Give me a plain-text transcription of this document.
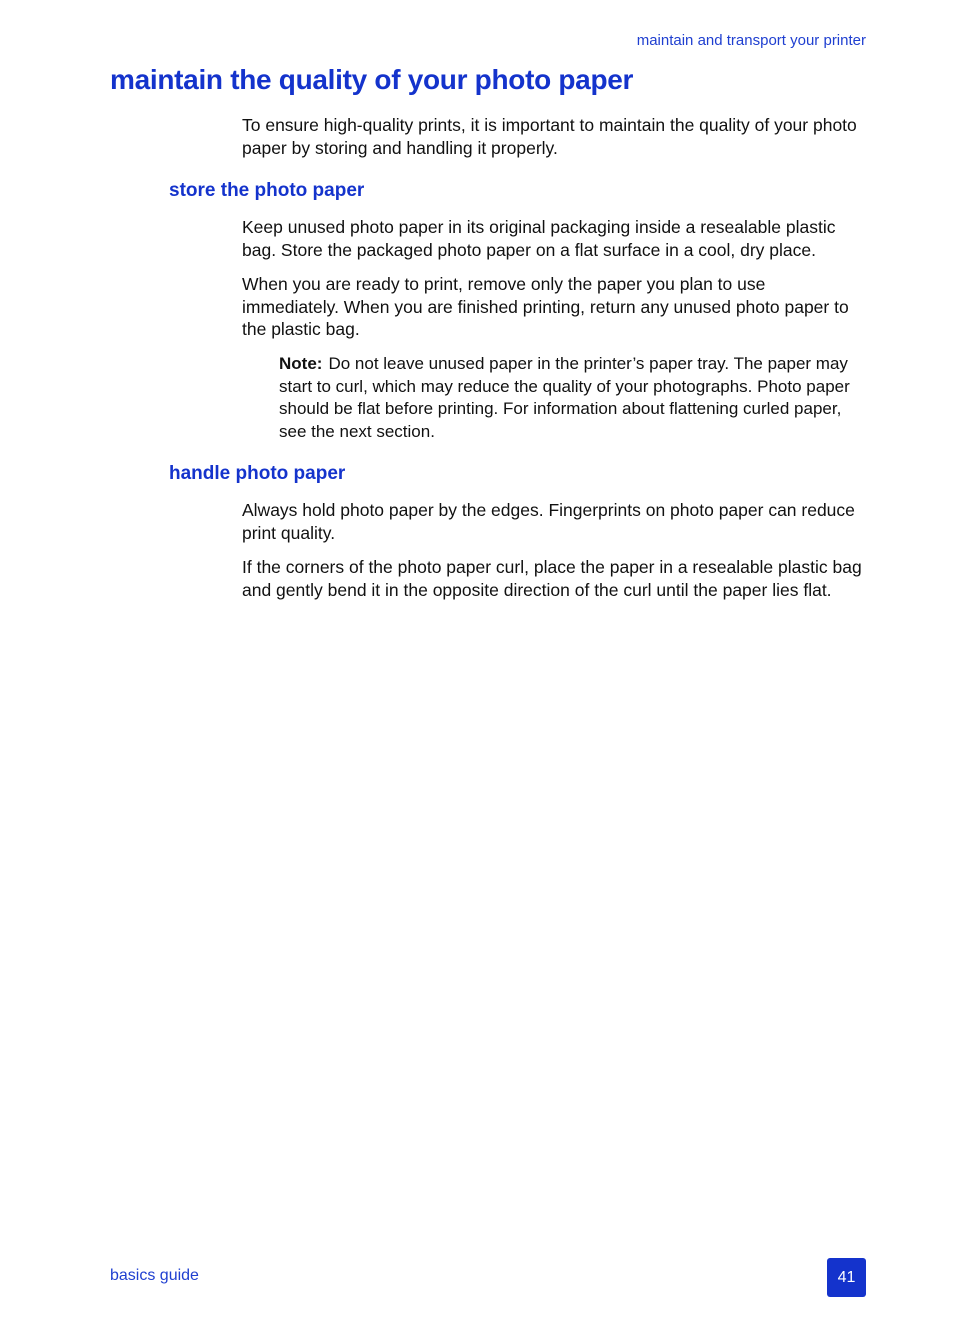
maintain and transport your printer
maintain the quality of your photo paper

To ensure high-quality prints, it is important to maintain the quality of your photo paper by storing and handling it properly.

store the photo paper

Keep unused photo paper in its original packaging inside a resealable plastic bag. Store the packaged photo paper on a flat surface in a cool, dry place.

When you are ready to print, remove only the paper you plan to use immediately. When you are finished printing, return any unused photo paper to the plastic bag.

Note: Do not leave unused paper in the printer’s paper tray. The paper may start to curl, which may reduce the quality of your photographs. Photo paper should be flat before printing. For information about flattening curled paper, see the next section.

handle photo paper

Always hold photo paper by the edges. Fingerprints on photo paper can reduce print quality.

If the corners of the photo paper curl, place the paper in a resealable plastic bag and gently bend it in the opposite direction of the curl until the paper lies flat.

basics guide	41
